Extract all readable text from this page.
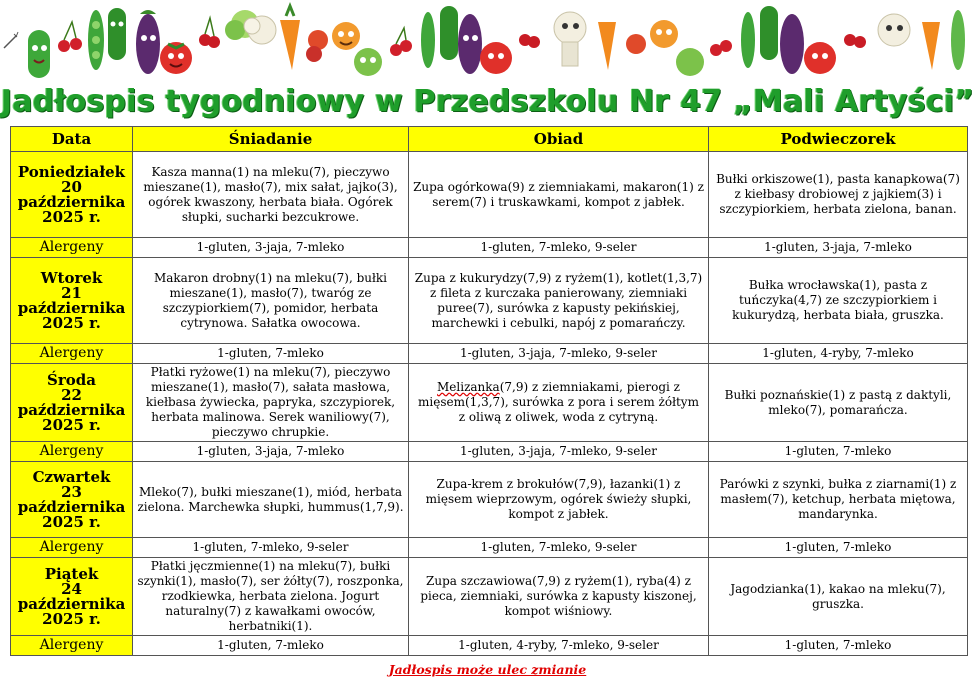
Jadłospis tygodniowy w Przedszkolu Nr 47 „Mali Artyści”
Data	Śniadanie	Obiad	Podwieczorek

Poniedziałek
20
października
2025 r.	Kasza manna(1) na mleku(7), pieczywo mieszane(1), masło(7), mix sałat, jajko(3), ogórek kwaszony, herbata biała. Ogórek słupki, sucharki bezcukrowe.	Zupa ogórkowa(9) z ziemniakami, makaron(1) z serem(7) i truskawkami, kompot z jabłek.	Bułki orkiszowe(1), pasta kanapkowa(7) z kiełbasy drobiowej z jajkiem(3) i szczypiorkiem, herbata zielona, banan.
Alergeny	1-gluten, 3-jaja, 7-mleko	1-gluten, 7-mleko, 9-seler	1-gluten, 3-jaja, 7-mleko

Wtorek
21
października
2025 r.	Makaron drobny(1) na mleku(7), bułki mieszane(1), masło(7), twaróg ze szczypiorkiem(7), pomidor, herbata cytrynowa. Sałatka owocowa.	Zupa z kukurydzy(7,9) z ryżem(1), kotlet(1,3,7) z fileta z kurczaka panierowany, ziemniaki puree(7), surówka z kapusty pekińskiej, marchewki i cebulki, napój z pomarańczy.	Bułka wrocławska(1), pasta z tuńczyka(4,7) ze szczypiorkiem i kukurydzą, herbata biała, gruszka.
Alergeny	1-gluten, 7-mleko	1-gluten, 3-jaja, 7-mleko, 9-seler	1-gluten, 4-ryby, 7-mleko

Środa
22
października
2025 r.	Płatki ryżowe(1) na mleku(7), pieczywo mieszane(1), masło(7), sałata masłowa, kiełbasa żywiecka, papryka, szczypiorek, herbata malinowa. Serek waniliowy(7), pieczywo chrupkie.	Melizanka(7,9) z ziemniakami, pierogi z mięsem(1,3,7), surówka z pora i serem żółtym z oliwą z oliwek, woda z cytryną.	Bułki poznańskie(1) z pastą z daktyli, mleko(7), pomarańcza.
Alergeny	1-gluten, 3-jaja, 7-mleko	1-gluten, 3-jaja, 7-mleko, 9-seler	1-gluten, 7-mleko

Czwartek
23
października
2025 r.	Mleko(7), bułki mieszane(1), miód, herbata zielona. Marchewka słupki, hummus(1,7,9).	Zupa-krem z brokułów(7,9), łazanki(1) z mięsem wieprzowym, ogórek świeży słupki, kompot z jabłek.	Parówki z szynki, bułka z ziarnami(1) z masłem(7), ketchup, herbata miętowa, mandarynka.
Alergeny	1-gluten, 7-mleko, 9-seler	1-gluten, 7-mleko, 9-seler	1-gluten, 7-mleko

Piątek
24
października
2025 r.	Płatki jęczmienne(1) na mleku(7), bułki szynki(1), masło(7), ser żółty(7), roszponka, rzodkiewka, herbata zielona. Jogurt naturalny(7) z kawałkami owoców, herbatniki(1).	Zupa szczawiowa(7,9) z ryżem(1), ryba(4) z pieca, ziemniaki, surówka z kapusty kiszonej, kompot wiśniowy.	Jagodzianka(1), kakao na mleku(7), gruszka.
Alergeny	1-gluten, 7-mleko	1-gluten, 4-ryby, 7-mleko, 9-seler	1-gluten, 7-mleko
Jadłospis może ulec zmianie
